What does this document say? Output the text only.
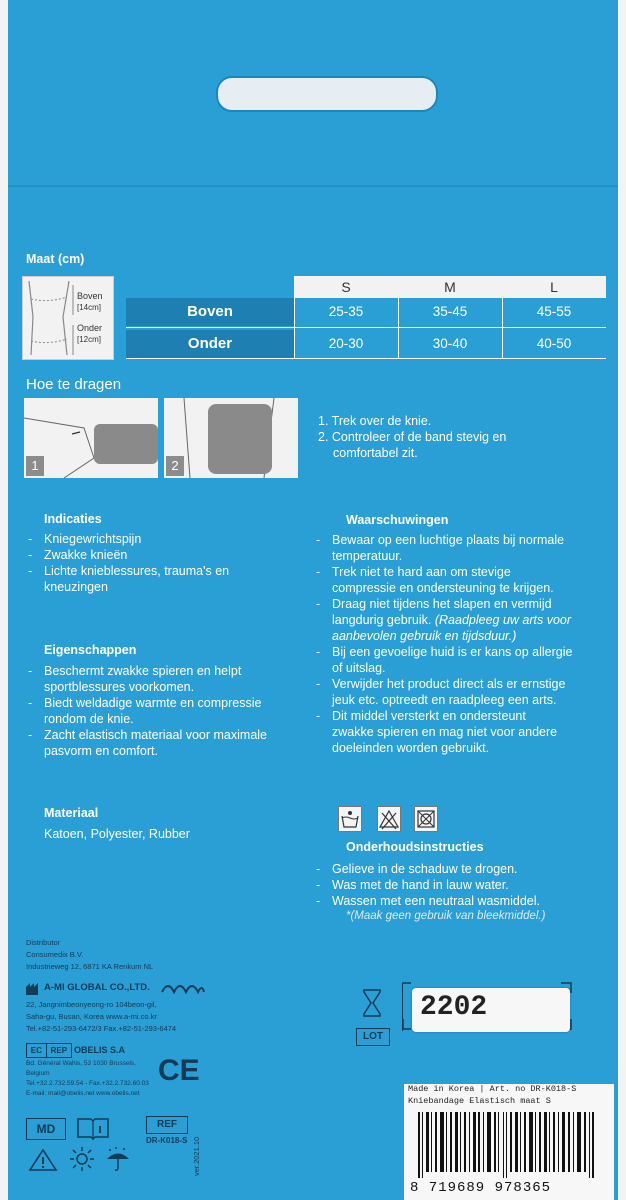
Maat (cm)
Boven
[14cm]
Onder
[12cm]
S	M	L
Boven	25-35	35-45	45-55
Onder	20-30	30-40	40-50
Hoe te dragen
1	2
1. Trek over de knie.
2. Controleer of de band stevig en
comfortabel zit.
Indicaties
- Kniegewrichtspijn
- Zwakke knieën
- Lichte knieblessures, trauma's en
kneuzingen
Eigenschappen
- Beschermt zwakke spieren en helpt
sportblessures voorkomen.
- Biedt weldadige warmte en compressie
rondom de knie.
- Zacht elastisch materiaal voor maximale
pasvorm en comfort.
Materiaal
Katoen, Polyester, Rubber
Waarschuwingen
- Bewaar op een luchtige plaats bij normale
temperatuur.
- Trek niet te hard aan om stevige
compressie en ondersteuning te krijgen.
- Draag niet tijdens het slapen en vermijd
langdurig gebruik. (Raadpleeg uw arts voor
aanbevolen gebruik en tijdsduur.)
- Bij een gevoelige huid is er kans op allergie
of uitslag.
- Verwijder het product direct als er ernstige
jeuk etc. optreedt en raadpleeg een arts.
- Dit middel versterkt en ondersteunt
zwakke spieren en mag niet voor andere
doeleinden worden gebruikt.
Onderhoudsinstructies
- Gelieve in de schaduw te drogen.
- Was met de hand in lauw water.
- Wassen met een neutraal wasmiddel.
*(Maak geen gebruik van bleekmiddel.)
Distributor
Consumedix B.V.
Industrieweg 12, 6871 KA Renkum NL
A-MI GLOBAL CO.,LTD.
22, Jangnimbeonyeong-ro 104beon-gil,
Saha-gu, Busan, Korea www.a-mi.co.kr
Tel.+82-51-293-6472/3 Fax.+82-51-293-6474
EC	REP OBELIS S.A
Bd. Général Wahis, 53 1030 Brussels,
Belgium
Tel.+32.2.732.59.54 - Fax.+32.2.732.60.03
E-mail: mail@obelis.net www.obelis.net
CE
MD	REF
DR-K018-S ver.2021.10
LOT
2202
Made in Korea | Art. no DR-K018-S
Kniebandage Elastisch maat S
8 719689 978365
